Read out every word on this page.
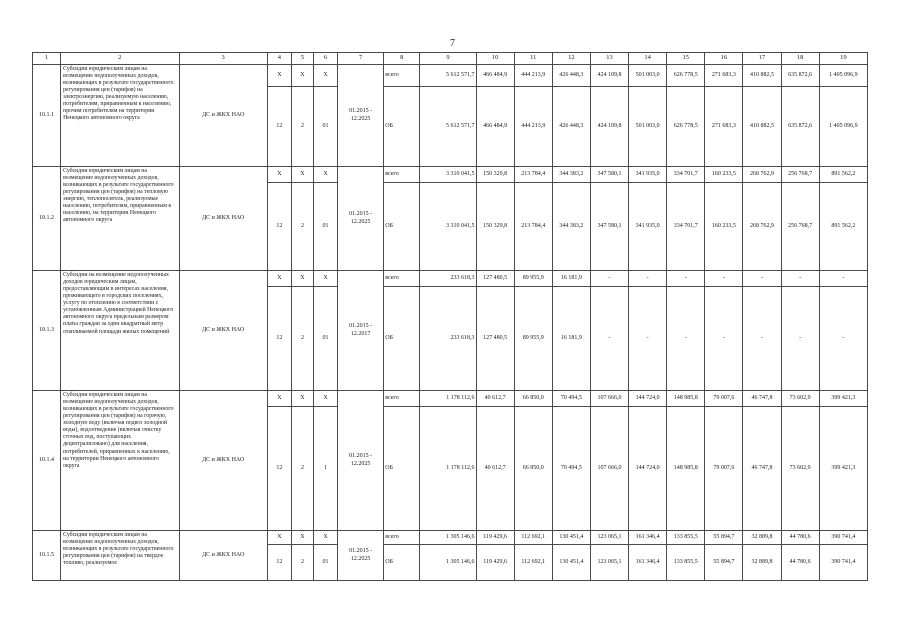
7
1	2	3	4	5	6	7	8	9	10	11	12	13	14	15	16	17	18	19
10.1.1	Субсидии юридическим лицам на возмещение недополученных доходов, возникающих в результате государственного регулирования цен (тарифов) на электроэнергию, реализуемую населению, потребителям, приравненным к населению, прочим потребителям на территории Ненецкого автономного округа	ДС и ЖКХ НАО	X	X	X	01.2015 - 12.2025	всего	5 612 571,7	466 484,9	444 213,9	426 448,3	424 109,8	501 003,0	626 778,5	271 683,3	410 882,5	635 872,6	1 405 096,9
			12	2	01		ОБ	5 612 571,7	466 484,9	444 213,9	426 448,3	424 109,8	501 003,0	626 778,5	271 683,3	410 882,5	635 872,6	1 405 096,9
10.1.2	Субсидии юридическим лицам на возмещение недополученных доходов, возникающих в результате государственного регулирования цен (тарифов) на тепловую энергию, теплоноситель, реализуемые населению, потребителям, приравненным к населению, на территории Ненецкого автономного округа	ДС и ЖКХ НАО	X	X	X	01.2015 - 12.2025	всего	3 310 041,5	150 329,8	213 784,4	344 383,2	347 580,1	341 935,0	334 701,7	160 233,5	268 762,9	256 768,7	891 562,2
			12	2	01		ОБ	3 310 041,5	150 329,8	213 784,4	344 383,2	347 580,1	341 935,0	334 701,7	160 233,5	268 762,9	256 768,7	891 562,2
10.1.3	Субсидии на возмещение недополученных доходов юридическим лицам, предоставляющим в интересах населения, проживающего в городских поселениях, услугу по отоплению в соответствии с установленным Администрацией Ненецкого автономного округа предельным размером платы граждан за один квадратный метр отапливаемой площади жилых помещений	ДС и ЖКХ НАО	X	X	X	01.2015 - 12.2017	всего	233 618,3	127 480,5	89 955,9	16 181,9	-	-	-	-	-	-	-
			12	2	01		ОБ	233 618,3	127 480,5	89 955,9	16 181,9	-	-	-	-	-	-	-
10.1.4	Субсидии юридическим лицам на возмещение недополученных доходов, возникающих в результате государственного регулирования цен (тарифов) на горячую, холодную воду (включая подвоз холодной воды), водоотведение (включая очистку сточных вод, поступающих децентрализовано) для населения, потребителей, приравненных к населению, на территории Ненецкого автономного округа	ДС и ЖКХ НАО	X	X	X	01.2015 - 12.2025	всего	1 178 112,6	40 612,7	66 850,0	70 494,5	107 666,0	144 724,0	148 985,8	79 007,6	46 747,8	73 602,9	399 421,3
			12	2	1		ОБ	1 178 112,6	40 612,7	66 850,0	70 494,5	107 666,0	144 724,0	148 985,8	79 007,6	46 747,8	73 602,9	399 421,3
10.1.5	Субсидии юридическим лицам на возмещение недополученных доходов, возникающих в результате государственного регулирования цен (тарифов) на твердое топливо, реализуемое	ДС и ЖКХ НАО	X	X	X	01.2015 - 12.2025	всего	1 305 146,6	119 429,6	112 692,1	130 451,4	123 065,1	161 346,4	133 855,5	55 894,7	32 889,8	44 780,6	390 741,4
			12	2	01		ОБ	1 305 146,6	119 429,6	112 692,1	130 451,4	123 065,1	161 346,4	133 855,5	55 894,7	32 889,8	44 780,6	390 741,4
